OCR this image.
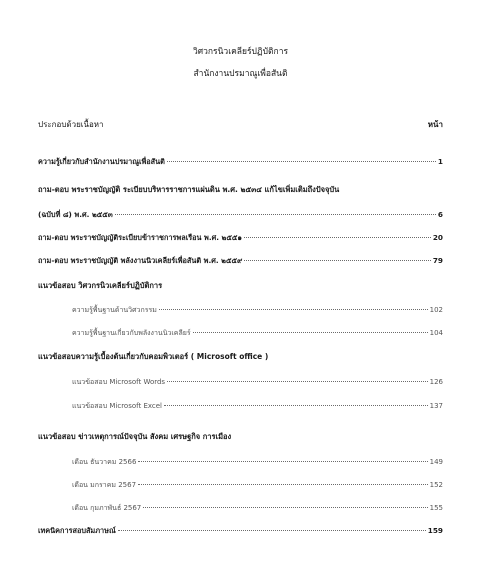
วิศวกรนิวเคลียร์ปฏิบัติการ
สำนักงานปรมาณูเพื่อสันติ
ประกอบด้วยเนื้อหา	หน้า
ความรู้เกี่ยวกับสำนักงานปรมาณูเพื่อสันติ	1
ถาม-ตอบ พระราชบัญญัติ ระเบียบบริหารราชการแผ่นดิน พ.ศ. ๒๕๓๔ แก้ไขเพิ่มเติมถึงปัจจุบัน
(ฉบับที่ ๘) พ.ศ. ๒๕๕๓	6
ถาม-ตอบ พระราชบัญญัติระเบียบข้าราชการพลเรือน พ.ศ. ๒๕๕๑	20
ถาม-ตอบ พระราชบัญญัติ พลังงานนิวเคลียร์เพื่อสันติ พ.ศ. ๒๕๕๙	79
แนวข้อสอบ วิศวกรนิวเคลียร์ปฏิบัติการ
ความรู้พื้นฐานด้านวิศวกรรม	102
ความรู้พื้นฐานเกี่ยวกับพลังงานนิวเคลียร์	104
แนวข้อสอบความรู้เบื้องต้นเกี่ยวกับคอมพิวเตอร์ ( Microsoft office )
แนวข้อสอบ Microsoft Words	126
แนวข้อสอบ Microsoft Excel	137
แนวข้อสอบ ข่าวเหตุการณ์ปัจจุบัน สังคม เศรษฐกิจ การเมือง
เดือน ธันวาคม 2566	149
เดือน มกราคม 2567	152
เดือน กุมภาพันธ์ 2567	155
เทคนิคการสอบสัมภาษณ์	159
